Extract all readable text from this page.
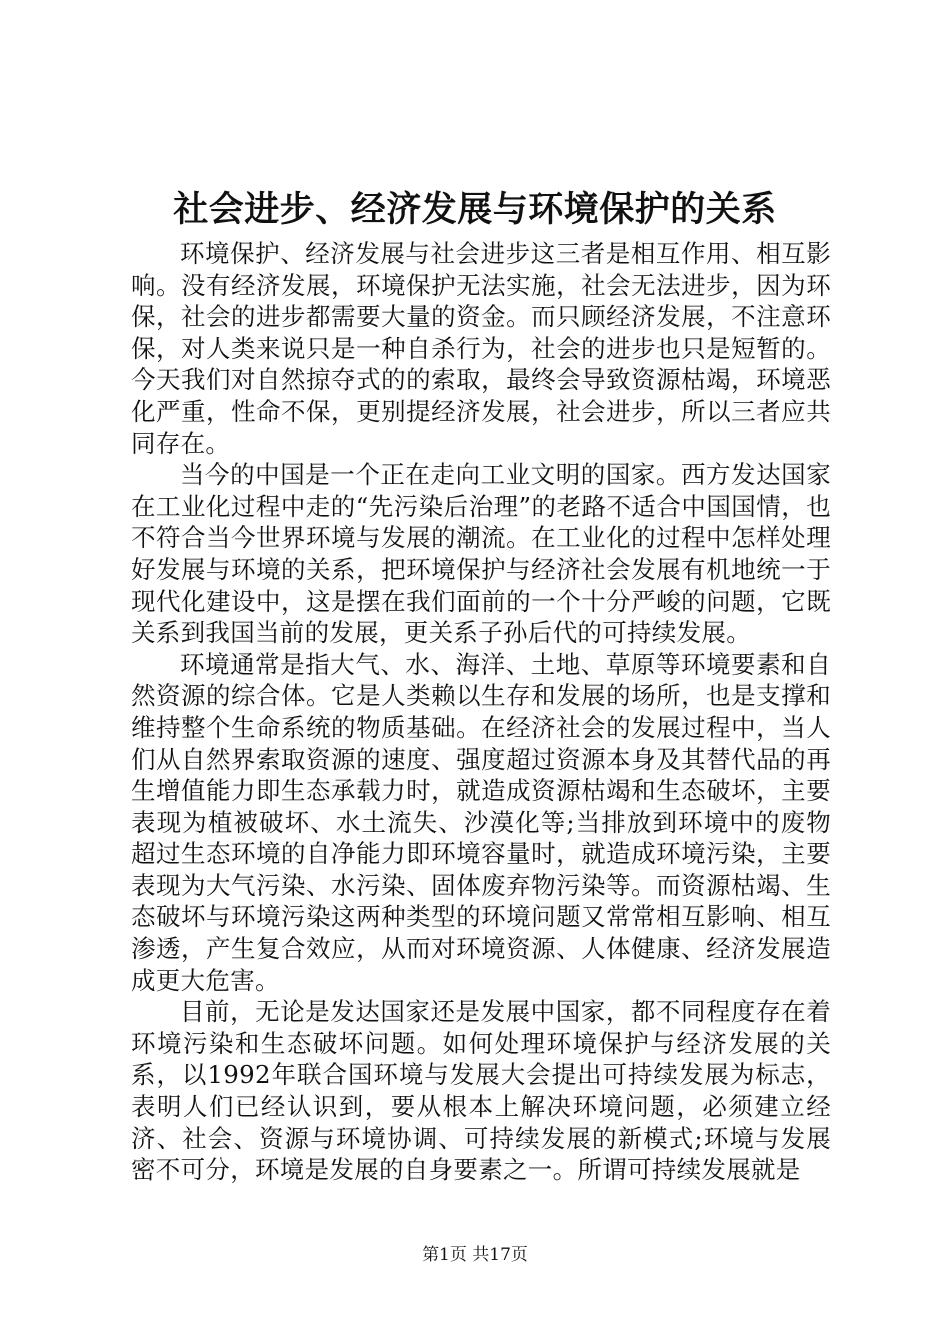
社会进步、经济发展与环境保护的关系

环境保护、经济发展与社会进步这三者是相互作用、相互影响。没有经济发展，环境保护无法实施，社会无法进步，因为环保，社会的进步都需要大量的资金。而只顾经济发展，不注意环保，对人类来说只是一种自杀行为，社会的进步也只是短暂的。今天我们对自然掠夺式的的索取，最终会导致资源枯竭，环境恶化严重，性命不保，更别提经济发展，社会进步，所以三者应共同存在。

当今的中国是一个正在走向工业文明的国家。西方发达国家在工业化过程中走的“先污染后治理”的老路不适合中国国情，也不符合当今世界环境与发展的潮流。在工业化的过程中怎样处理好发展与环境的关系，把环境保护与经济社会发展有机地统一于现代化建设中，这是摆在我们面前的一个十分严峻的问题，它既关系到我国当前的发展，更关系子孙后代的可持续发展。

环境通常是指大气、水、海洋、土地、草原等环境要素和自然资源的综合体。它是人类赖以生存和发展的场所，也是支撑和维持整个生命系统的物质基础。在经济社会的发展过程中，当人们从自然界索取资源的速度、强度超过资源本身及其替代品的再生增值能力即生态承载力时，就造成资源枯竭和生态破坏，主要表现为植被破坏、水土流失、沙漠化等;当排放到环境中的废物超过生态环境的自净能力即环境容量时，就造成环境污染，主要表现为大气污染、水污染、固体废弃物污染等。而资源枯竭、生态破坏与环境污染这两种类型的环境问题又常常相互影响、相互渗透，产生复合效应，从而对环境资源、人体健康、经济发展造成更大危害。

目前，无论是发达国家还是发展中国家，都不同程度存在着环境污染和生态破坏问题。如何处理环境保护与经济发展的关系，以1992年联合国环境与发展大会提出可持续发展为标志，表明人们已经认识到，要从根本上解决环境问题，必须建立经济、社会、资源与环境协调、可持续发展的新模式;环境与发展密不可分，环境是发展的自身要素之一。所谓可持续发展就是

第1页 共17页
